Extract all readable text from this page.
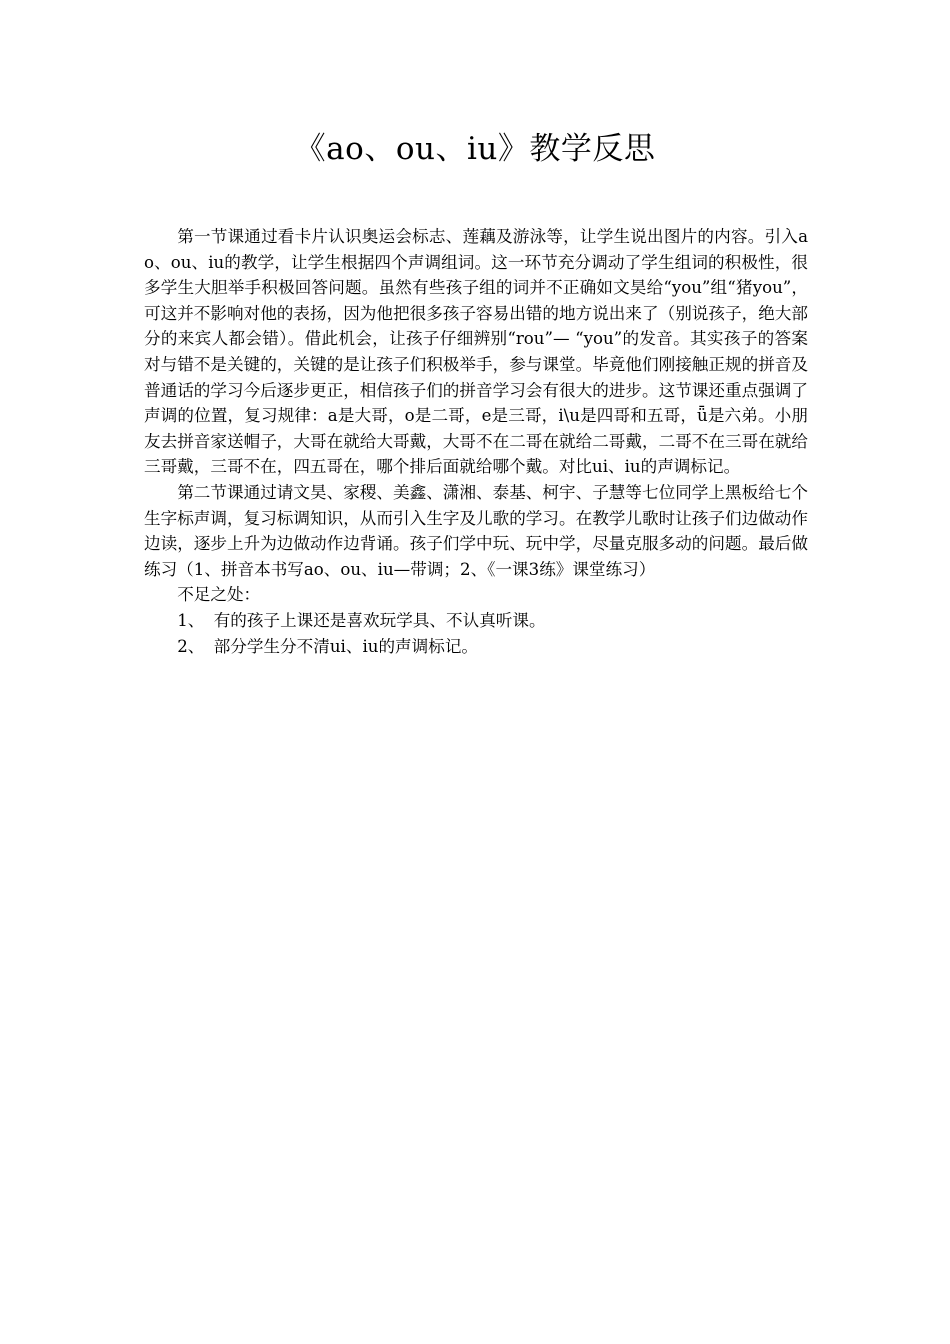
《ao、ou、iu》教学反思

第一节课通过看卡片认识奥运会标志、莲藕及游泳等，让学生说出图片的内容。引入ao、ou、iu的教学，让学生根据四个声调组词。这一环节充分调动了学生组词的积极性，很多学生大胆举手积极回答问题。虽然有些孩子组的词并不正确如文昊给“you”组“猪you”，可这并不影响对他的表扬，因为他把很多孩子容易出错的地方说出来了（别说孩子，绝大部分的来宾人都会错）。借此机会，让孩子仔细辨别“rou”— “you”的发音。其实孩子的答案对与错不是关键的，关键的是让孩子们积极举手，参与课堂。毕竟他们刚接触正规的拼音及普通话的学习今后逐步更正，相信孩子们的拼音学习会有很大的进步。这节课还重点强调了声调的位置，复习规律：a是大哥，o是二哥，e是三哥，i\u是四哥和五哥，ǖ是六弟。小朋友去拼音家送帽子，大哥在就给大哥戴，大哥不在二哥在就给二哥戴，二哥不在三哥在就给三哥戴，三哥不在，四五哥在，哪个排后面就给哪个戴。对比ui、iu的声调标记。

第二节课通过请文昊、家稷、美鑫、潇湘、泰基、柯宇、子慧等七位同学上黑板给七个生字标声调，复习标调知识，从而引入生字及儿歌的学习。在教学儿歌时让孩子们边做动作边读，逐步上升为边做动作边背诵。孩子们学中玩、玩中学，尽量克服多动的问题。最后做练习（1、拼音本书写ao、ou、iu—带调；2、《一课3练》课堂练习）

不足之处：

1、 有的孩子上课还是喜欢玩学具、不认真听课。

2、 部分学生分不清ui、iu的声调标记。
